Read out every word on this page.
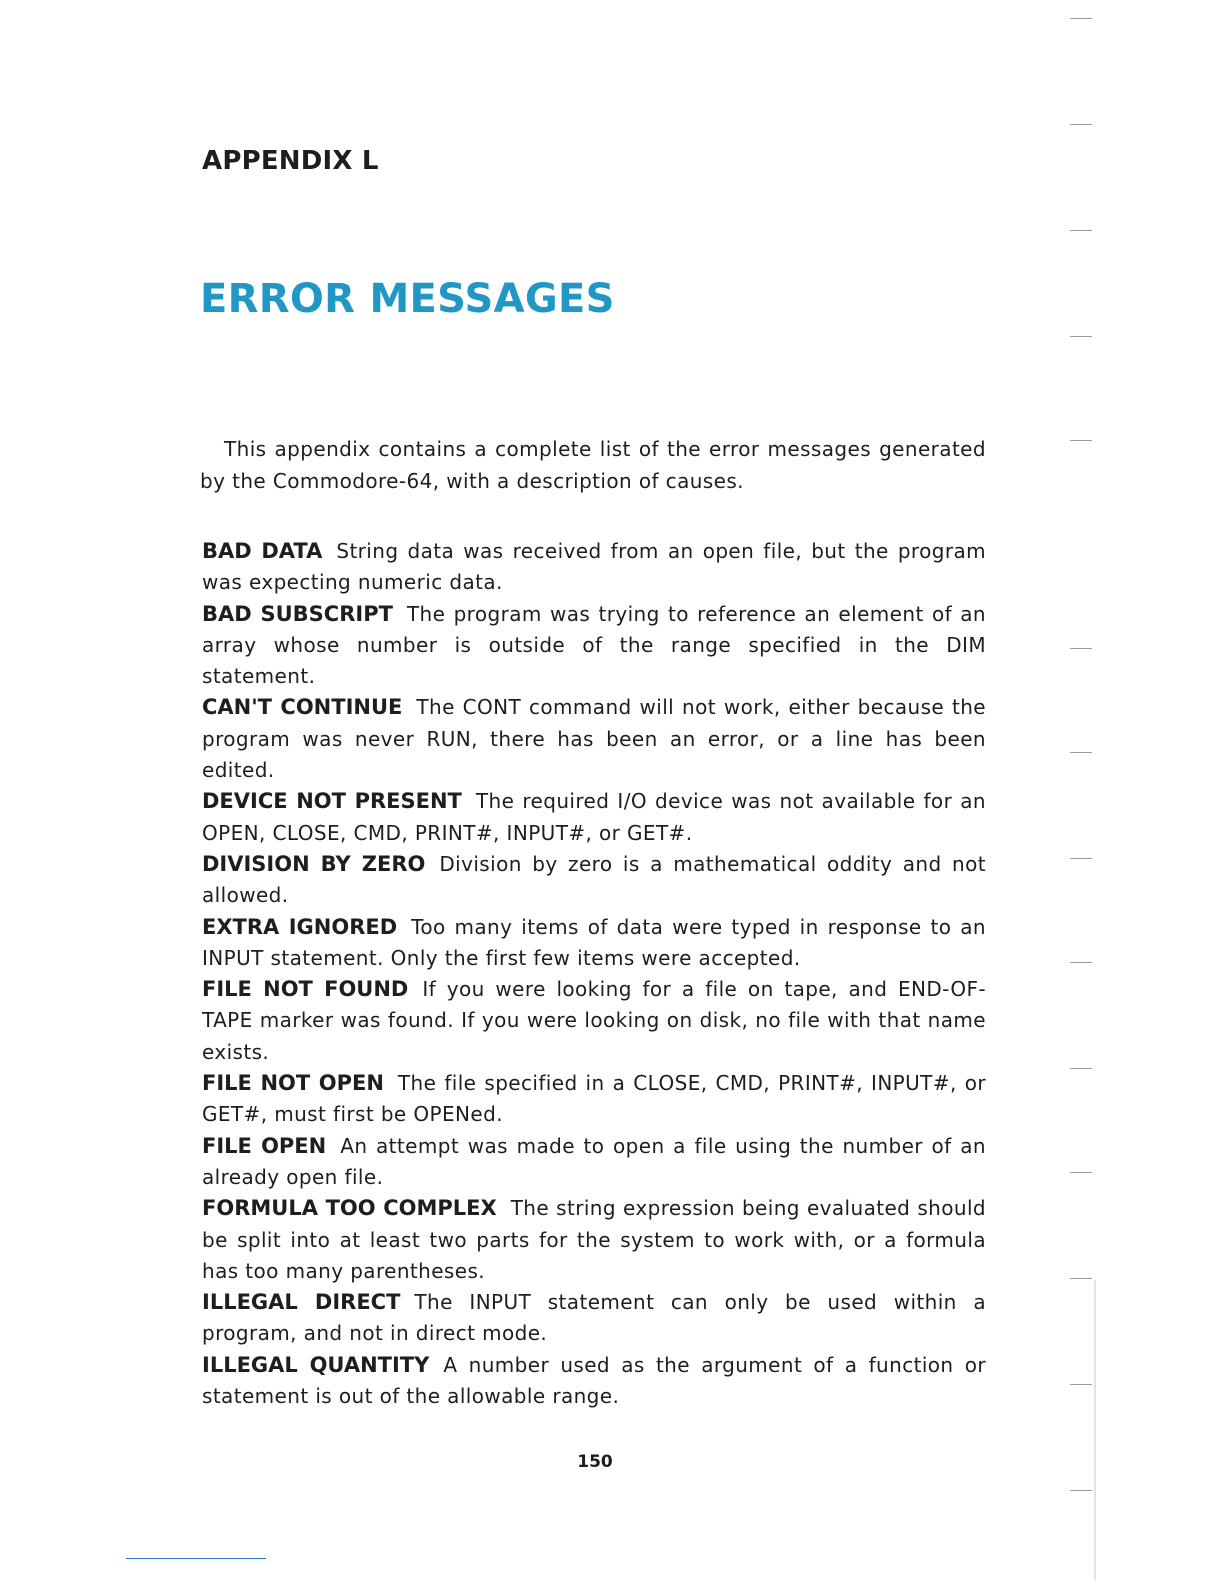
APPENDIX L
ERROR MESSAGES

This appendix contains a complete list of the error messages generated by the Commodore-64, with a description of causes.

BAD DATA String data was received from an open file, but the program was expecting numeric data.

BAD SUBSCRIPT The program was trying to reference an element of an array whose number is outside of the range specified in the DIM statement.

CAN'T CONTINUE The CONT command will not work, either because the program was never RUN, there has been an error, or a line has been edited.

DEVICE NOT PRESENT The required I/O device was not available for an OPEN, CLOSE, CMD, PRINT#, INPUT#, or GET#.

DIVISION BY ZERO Division by zero is a mathematical oddity and not allowed.

EXTRA IGNORED Too many items of data were typed in response to an INPUT statement. Only the first few items were accepted.

FILE NOT FOUND If you were looking for a file on tape, and END-OF-TAPE marker was found. If you were looking on disk, no file with that name exists.

FILE NOT OPEN The file specified in a CLOSE, CMD, PRINT#, INPUT#, or GET#, must first be OPENed.

FILE OPEN An attempt was made to open a file using the number of an already open file.

FORMULA TOO COMPLEX The string expression being evaluated should be split into at least two parts for the system to work with, or a formula has too many parentheses.

ILLEGAL DIRECT The INPUT statement can only be used within a program, and not in direct mode.

ILLEGAL QUANTITY A number used as the argument of a function or statement is out of the allowable range.

150
